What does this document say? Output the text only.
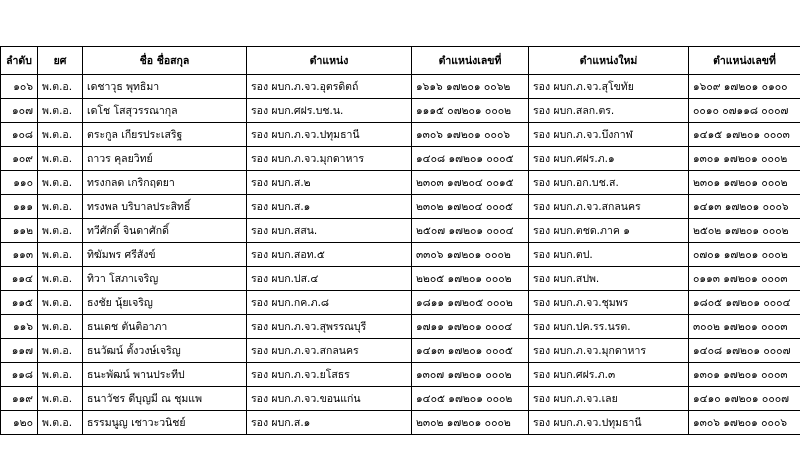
ลำดับ	ยศ	ชื่อ ชื่อสกุล	ตำแหน่ง	ตำแหน่งเลขที่	ตำแหน่งใหม่	ตำแหน่งเลขที่
๑๐๖	พ.ต.อ.	เดชาวุธ พุทธิมา	รอง ผบก.ภ.จว.อุตรดิตถ์	๑๖๑๖ ๑๗๒๐๑ ๐๐๖๒	รอง ผบก.ภ.จว.สุโขทัย	๑๖๐๙ ๑๗๒๐๑ ๐๑๐๐
๑๐๗	พ.ต.อ.	เดโช โสสุวรรณากุล	รอง ผบก.ศฝร.บช.น.	๑๑๑๕ ๐๗๒๐๑ ๐๐๐๒	รอง ผบก.สลก.ตร.	๐๐๑๐ ๐๗๑๑๘ ๐๐๐๗
๑๐๘	พ.ต.อ.	ตระกูล เกียรประเสริฐ	รอง ผบก.ภ.จว.ปทุมธานี	๑๓๐๖ ๑๗๒๐๑ ๐๐๐๖	รอง ผบก.ภ.จว.บึงกาฬ	๑๔๑๕ ๑๗๒๐๑ ๐๐๐๓
๑๐๙	พ.ต.อ.	ถาวร คุลยวิทย์	รอง ผบก.ภ.จว.มุกดาหาร	๑๔๐๘ ๑๗๒๐๑ ๐๐๐๕	รอง ผบก.ศฝร.ภ.๑	๑๓๐๑ ๑๗๒๐๑ ๐๐๐๒
๑๑๐	พ.ต.อ.	ทรงกลด เกริกฤตยา	รอง ผบก.ส.๒	๒๓๐๓ ๑๗๒๐๔ ๐๐๑๕	รอง ผบก.อก.บช.ส.	๒๓๐๑ ๑๗๒๐๑ ๐๐๐๒
๑๑๑	พ.ต.อ.	ทรงพล บริบาลประสิทธิ์	รอง ผบก.ส.๑	๒๓๐๒ ๑๗๒๐๔ ๐๐๐๕	รอง ผบก.ภ.จว.สกลนคร	๑๔๑๓ ๑๗๒๐๑ ๐๐๐๖
๑๑๒	พ.ต.อ.	ทวีศักดิ์ จินดาศักดิ์	รอง ผบก.สสน.	๒๕๐๗ ๑๗๒๐๑ ๐๐๐๔	รอง ผบก.ตชด.ภาค ๑	๒๕๐๒ ๑๗๒๐๑ ๐๐๐๒
๑๑๓	พ.ต.อ.	ทิฆัมพร ศรีสังข์	รอง ผบก.สอท.๕	๓๓๐๖ ๑๗๒๐๑ ๐๐๐๒	รอง ผบก.ตป.	๐๗๐๑ ๑๗๒๐๑ ๐๐๐๒
๑๑๔	พ.ต.อ.	ทิวา โสภาเจริญ	รอง ผบก.ปส.๔	๒๒๐๕ ๑๗๒๐๑ ๐๐๐๒	รอง ผบก.สปพ.	๐๑๑๓ ๑๗๒๐๑ ๐๐๐๓
๑๑๕	พ.ต.อ.	ธงชัย นุ้ยเจริญ	รอง ผบก.กค.ภ.๘	๑๘๑๑ ๑๗๒๐๕ ๐๐๐๒	รอง ผบก.ภ.จว.ชุมพร	๑๘๐๕ ๑๗๒๐๑ ๐๐๐๔
๑๑๖	พ.ต.อ.	ธนเดช ตันติอาภา	รอง ผบก.ภ.จว.สุพรรณบุรี	๑๗๑๑ ๑๗๒๐๑ ๐๐๐๔	รอง ผบก.ปค.รร.นรต.	๓๐๐๒ ๑๗๒๐๑ ๐๐๐๓
๑๑๗	พ.ต.อ.	ธนวัฒน์ ตั้งวงษ์เจริญ	รอง ผบก.ภ.จว.สกลนคร	๑๔๑๓ ๑๗๒๐๑ ๐๐๐๕	รอง ผบก.ภ.จว.มุกดาหาร	๑๔๐๘ ๑๗๒๐๑ ๐๐๐๗
๑๑๘	พ.ต.อ.	ธนะพัฒน์ พานประทีป	รอง ผบก.ภ.จว.ยโสธร	๑๓๐๗ ๑๗๒๐๑ ๐๐๐๒	รอง ผบก.ศฝร.ภ.๓	๑๓๐๑ ๑๗๒๐๑ ๐๐๐๓
๑๑๙	พ.ต.อ.	ธนาวัชร ดีบุญมี ณ ชุมแพ	รอง ผบก.ภ.จว.ขอนแก่น	๑๔๐๕ ๑๗๒๐๑ ๐๐๐๒	รอง ผบก.ภ.จว.เลย	๑๔๑๐ ๑๗๒๐๑ ๐๐๐๗
๑๒๐	พ.ต.อ.	ธรรมนูญ เชาวะวนิชย์	รอง ผบก.ส.๑	๒๓๐๒ ๑๗๒๐๑ ๐๐๐๒	รอง ผบก.ภ.จว.ปทุมธานี	๑๓๐๖ ๑๗๒๐๑ ๐๐๐๖
